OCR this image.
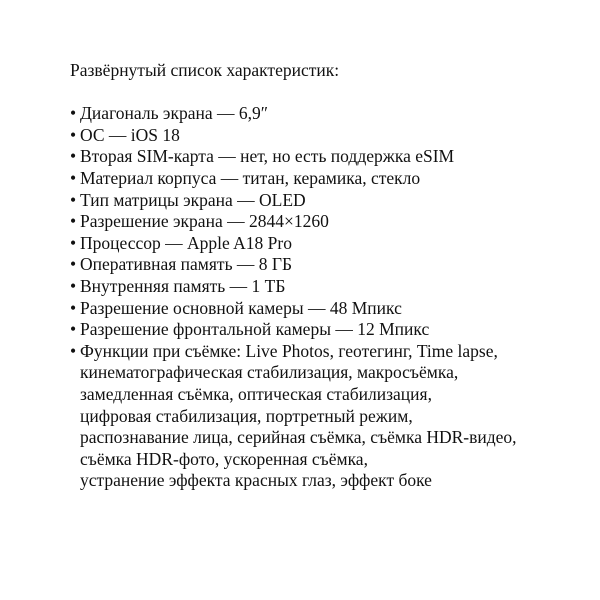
Развёрнутый список характеристик:

• Диагональ экрана — 6,9″
• ОС — iOS 18
• Вторая SIM-карта — нет, но есть поддержка eSIM
• Материал корпуса — титан, керамика, стекло
• Тип матрицы экрана — OLED
• Разрешение экрана — 2844×1260
• Процессор — Apple A18 Pro
• Оперативная память — 8 ГБ
• Внутренняя память — 1 ТБ
• Разрешение основной камеры — 48 Мпикс
• Разрешение фронтальной камеры — 12 Мпикс
• Функции при съёмке: Live Photos, геотегинг, Time lapse,
кинематографическая стабилизация, макросъёмка,
замедленная съёмка, оптическая стабилизация,
цифровая стабилизация, портретный режим,
распознавание лица, серийная съёмка, съёмка HDR-видео,
съёмка HDR-фото, ускоренная съёмка,
устранение эффекта красных глаз, эффект боке
